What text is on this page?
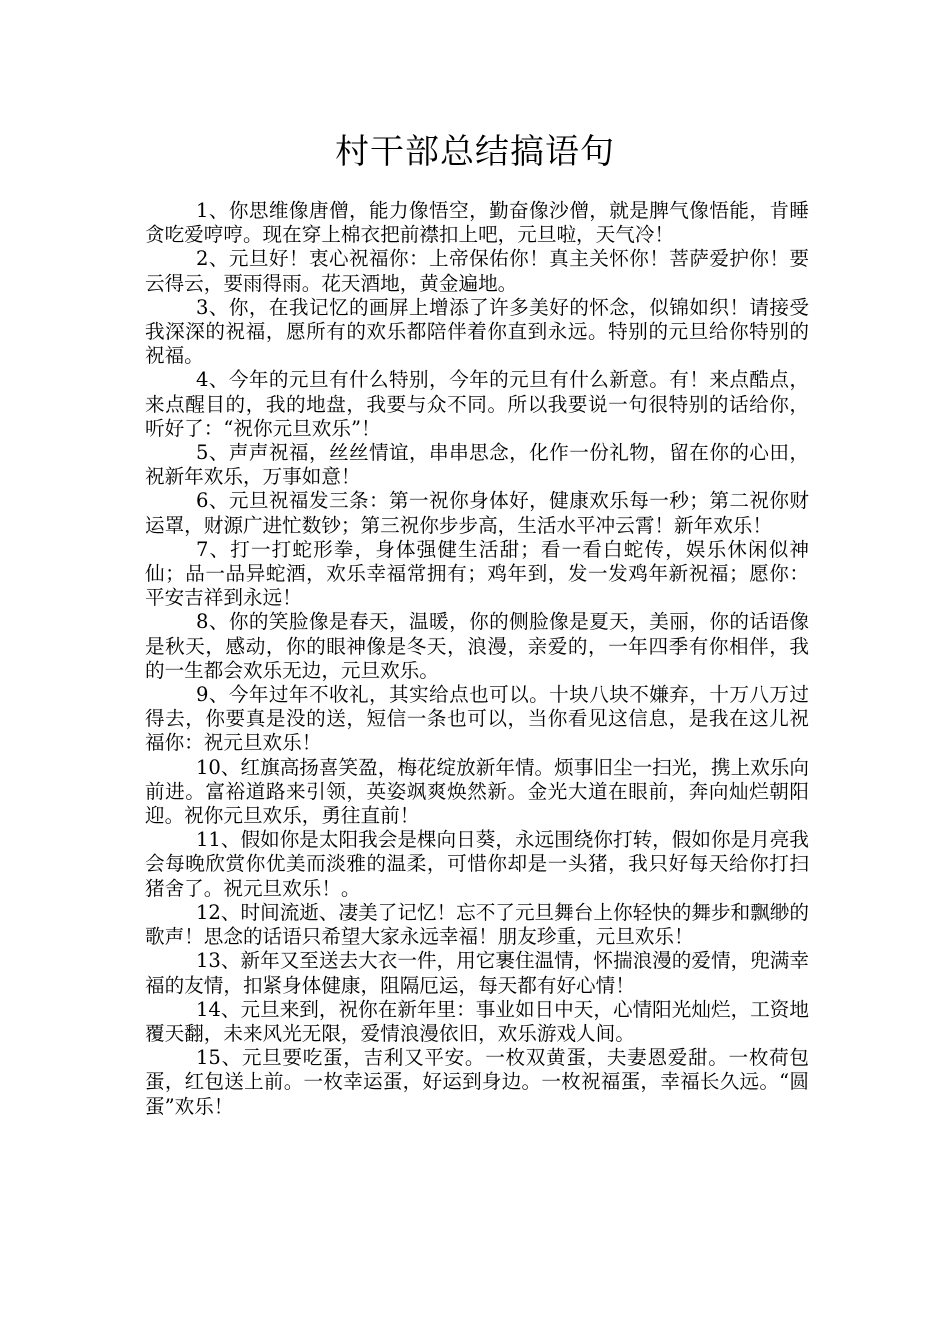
村干部总结搞语句

1、你思维像唐僧，能力像悟空，勤奋像沙僧，就是脾气像悟能，肯睡贪吃爱哼哼。现在穿上棉衣把前襟扣上吧，元旦啦，天气冷！

2、元旦好！衷心祝福你：上帝保佑你！真主关怀你！菩萨爱护你！要云得云，要雨得雨。花天酒地，黄金遍地。

3、你，在我记忆的画屏上增添了许多美好的怀念，似锦如织！请接受我深深的祝福，愿所有的欢乐都陪伴着你直到永远。特别的元旦给你特别的祝福。

4、今年的元旦有什么特别，今年的元旦有什么新意。有！来点酷点，来点醒目的，我的地盘，我要与众不同。所以我要说一句很特别的话给你，听好了：“祝你元旦欢乐”！

5、声声祝福，丝丝情谊，串串思念，化作一份礼物，留在你的心田，祝新年欢乐，万事如意！

6、元旦祝福发三条：第一祝你身体好，健康欢乐每一秒；第二祝你财运罩，财源广进忙数钞；第三祝你步步高，生活水平冲云霄！新年欢乐！

7、打一打蛇形拳，身体强健生活甜；看一看白蛇传，娱乐休闲似神仙；品一品异蛇酒，欢乐幸福常拥有；鸡年到，发一发鸡年新祝福；愿你：平安吉祥到永远！

8、你的笑脸像是春天，温暖，你的侧脸像是夏天，美丽，你的话语像是秋天，感动，你的眼神像是冬天，浪漫，亲爱的，一年四季有你相伴，我的一生都会欢乐无边，元旦欢乐。

9、今年过年不收礼，其实给点也可以。十块八块不嫌弃，十万八万过得去，你要真是没的送，短信一条也可以，当你看见这信息，是我在这儿祝福你：祝元旦欢乐！

10、红旗高扬喜笑盈，梅花绽放新年情。烦事旧尘一扫光，携上欢乐向前进。富裕道路来引领，英姿飒爽焕然新。金光大道在眼前，奔向灿烂朝阳迎。祝你元旦欢乐，勇往直前！

11、假如你是太阳我会是棵向日葵，永远围绕你打转，假如你是月亮我会每晚欣赏你优美而淡雅的温柔，可惜你却是一头猪，我只好每天给你打扫猪舍了。祝元旦欢乐！。

12、时间流逝、凄美了记忆！忘不了元旦舞台上你轻快的舞步和飘缈的歌声！思念的话语只希望大家永远幸福！朋友珍重，元旦欢乐！

13、新年又至送去大衣一件，用它裹住温情，怀揣浪漫的爱情，兜满幸福的友情，扣紧身体健康，阻隔厄运，每天都有好心情！

14、元旦来到，祝你在新年里：事业如日中天，心情阳光灿烂，工资地覆天翻，未来风光无限，爱情浪漫依旧，欢乐游戏人间。

15、元旦要吃蛋，吉利又平安。一枚双黄蛋，夫妻恩爱甜。一枚荷包蛋，红包送上前。一枚幸运蛋，好运到身边。一枚祝福蛋，幸福长久远。“圆蛋”欢乐！
